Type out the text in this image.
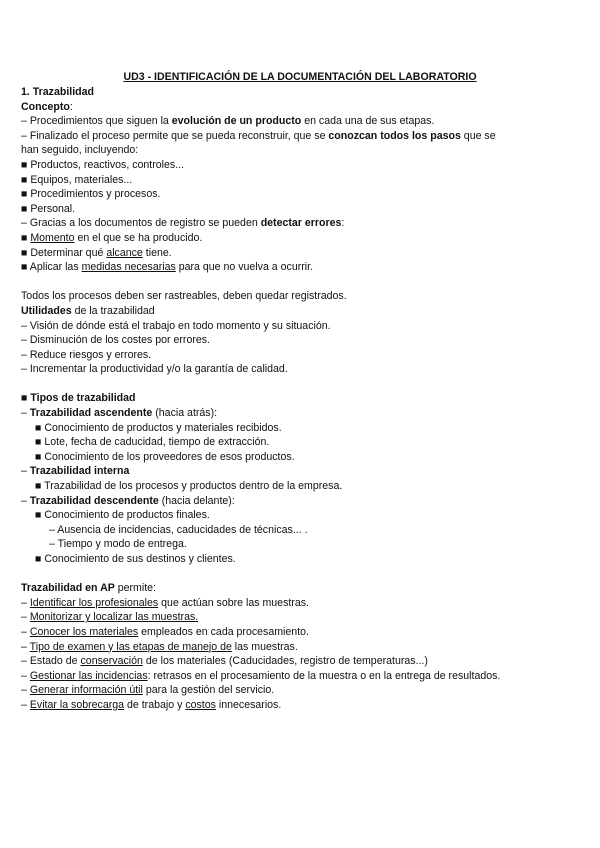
UD3 - IDENTIFICACIÓN DE LA DOCUMENTACIÓN DEL LABORATORIO
1. Trazabilidad
Concepto:
– Procedimientos que siguen la evolución de un producto en cada una de sus etapas.
– Finalizado el proceso permite que se pueda reconstruir, que se conozcan todos los pasos que se
han seguido, incluyendo:
■ Productos, reactivos, controles...
■ Equipos, materiales...
■ Procedimientos y procesos.
■ Personal.
– Gracias a los documentos de registro se pueden detectar errores:
■ Momento en el que se ha producido.
■ Determinar qué alcance tiene.
■ Aplicar las medidas necesarias para que no vuelva a ocurrir.
Todos los procesos deben ser rastreables, deben quedar registrados.
Utilidades de la trazabilidad
– Visión de dónde está el trabajo en todo momento y su situación.
– Disminución de los costes por errores.
– Reduce riesgos y errores.
– Incrementar la productividad y/o la garantía de calidad.
■ Tipos de trazabilidad
– Trazabilidad ascendente (hacia atrás):
■ Conocimiento de productos y materiales recibidos.
■ Lote, fecha de caducidad, tiempo de extracción.
■ Conocimiento de los proveedores de esos productos.
– Trazabilidad interna
■ Trazabilidad de los procesos y productos dentro de la empresa.
– Trazabilidad descendente (hacia delante):
■ Conocimiento de productos finales.
– Ausencia de incidencias, caducidades de técnicas... .
– Tiempo y modo de entrega.
■ Conocimiento de sus destinos y clientes.
Trazabilidad en AP permite:
– Identificar los profesionales que actúan sobre las muestras.
– Monitorizar y localizar las muestras.
– Conocer los materiales empleados en cada procesamiento.
– Tipo de examen y las etapas de manejo de las muestras.
– Estado de conservación de los materiales (Caducidades, registro de temperaturas...)
– Gestionar las incidencias: retrasos en el procesamiento de la muestra o en la entrega de resultados.
– Generar información útil para la gestión del servicio.
– Evitar la sobrecarga de trabajo y costos innecesarios.
